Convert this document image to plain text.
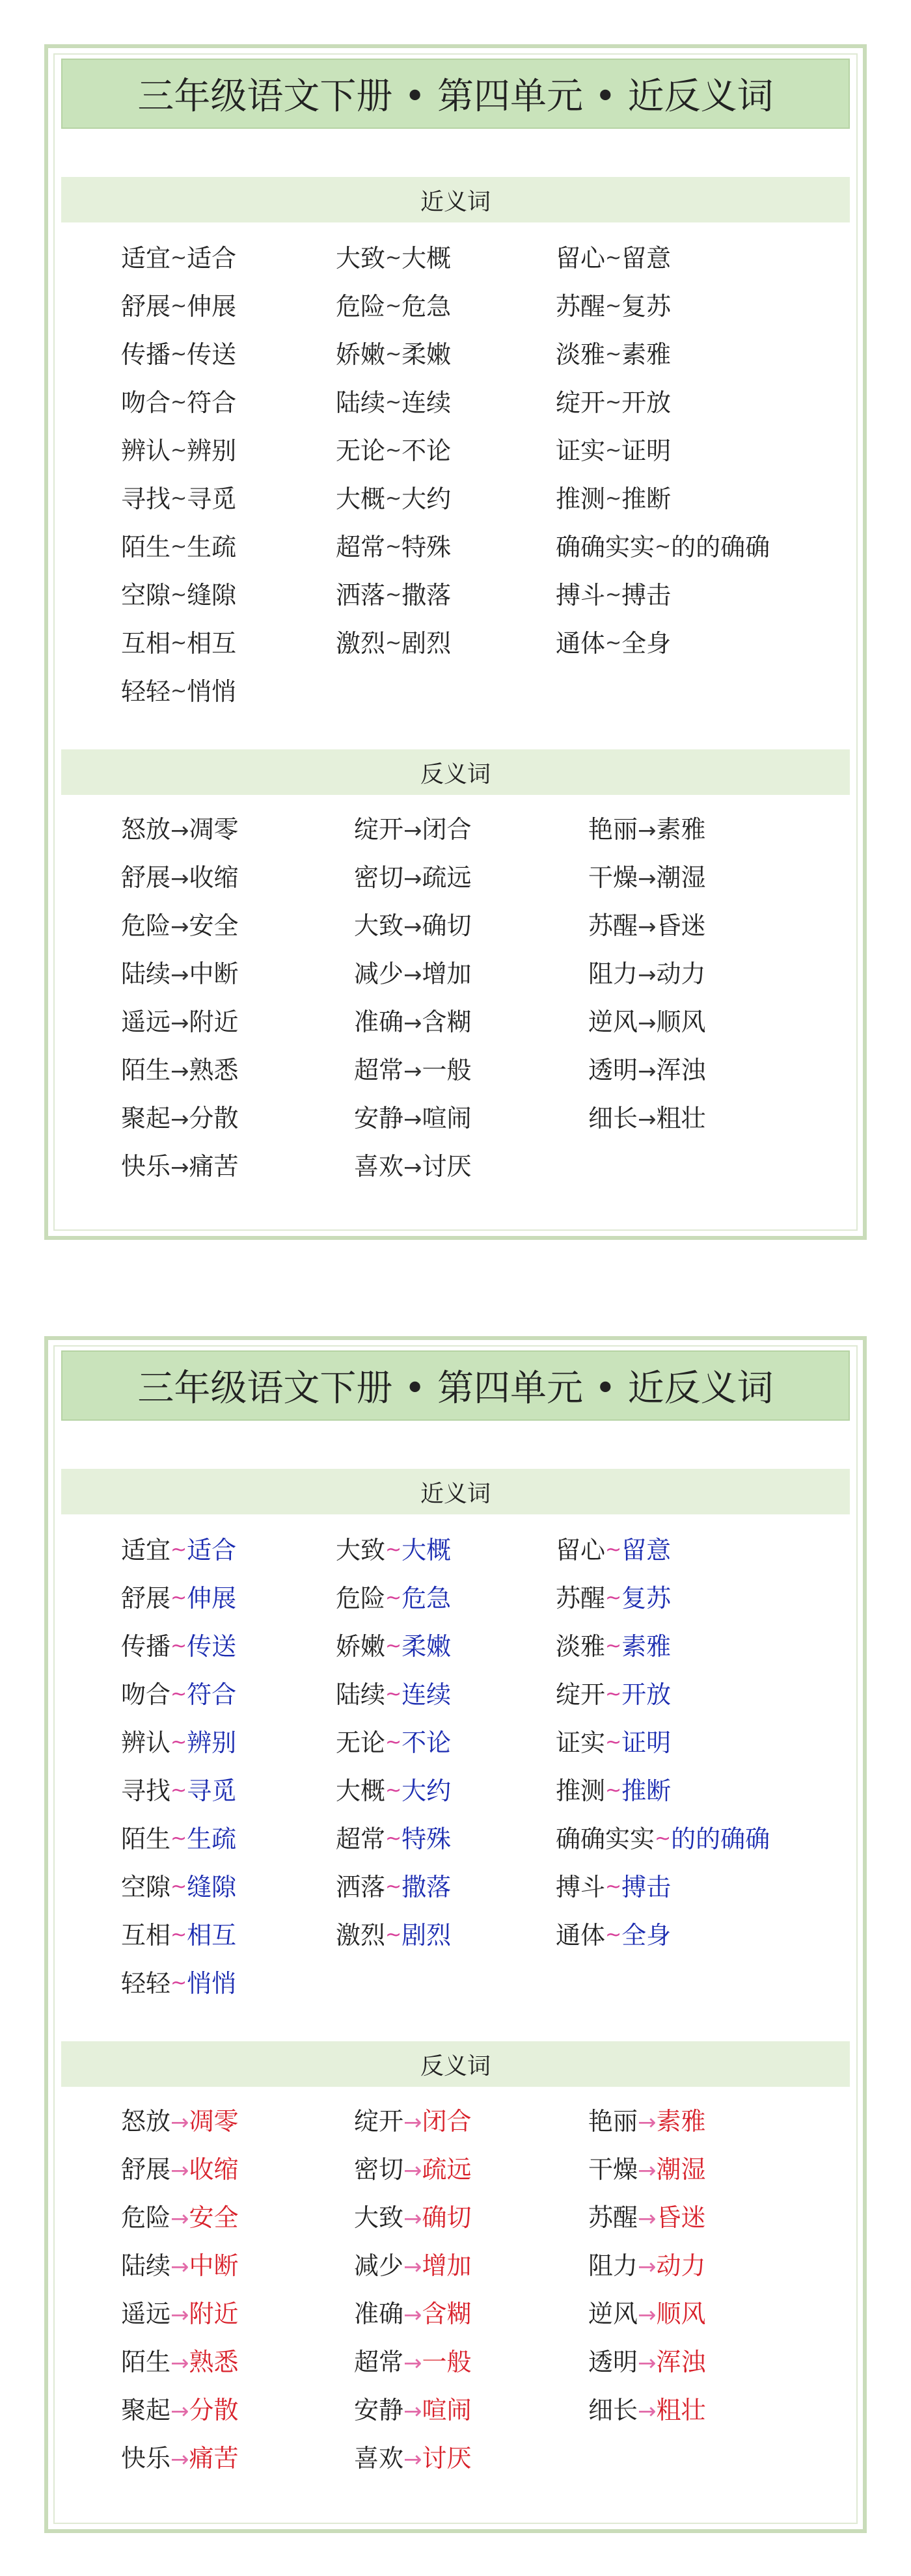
三年级语文下册 • 第四单元 • 近反义词
近义词
适宜~适合	大致~大概	留心~留意
舒展~伸展	危险~危急	苏醒~复苏
传播~传送	娇嫩~柔嫩	淡雅~素雅
吻合~符合	陆续~连续	绽开~开放
辨认~辨别	无论~不论	证实~证明
寻找~寻觅	大概~大约	推测~推断
陌生~生疏	超常~特殊	确确实实~的的确确
空隙~缝隙	洒落~撒落	搏斗~搏击
互相~相互	激烈~剧烈	通体~全身
轻轻~悄悄
反义词
怒放→凋零	绽开→闭合	艳丽→素雅
舒展→收缩	密切→疏远	干燥→潮湿
危险→安全	大致→确切	苏醒→昏迷
陆续→中断	减少→增加	阻力→动力
遥远→附近	准确→含糊	逆风→顺风
陌生→熟悉	超常→一般	透明→浑浊
聚起→分散	安静→喧闹	细长→粗壮
快乐→痛苦	喜欢→讨厌
三年级语文下册 • 第四单元 • 近反义词
近义词
适宜~适合	大致~大概	留心~留意
舒展~伸展	危险~危急	苏醒~复苏
传播~传送	娇嫩~柔嫩	淡雅~素雅
吻合~符合	陆续~连续	绽开~开放
辨认~辨别	无论~不论	证实~证明
寻找~寻觅	大概~大约	推测~推断
陌生~生疏	超常~特殊	确确实实~的的确确
空隙~缝隙	洒落~撒落	搏斗~搏击
互相~相互	激烈~剧烈	通体~全身
轻轻~悄悄
反义词
怒放→凋零	绽开→闭合	艳丽→素雅
舒展→收缩	密切→疏远	干燥→潮湿
危险→安全	大致→确切	苏醒→昏迷
陆续→中断	减少→增加	阻力→动力
遥远→附近	准确→含糊	逆风→顺风
陌生→熟悉	超常→一般	透明→浑浊
聚起→分散	安静→喧闹	细长→粗壮
快乐→痛苦	喜欢→讨厌
